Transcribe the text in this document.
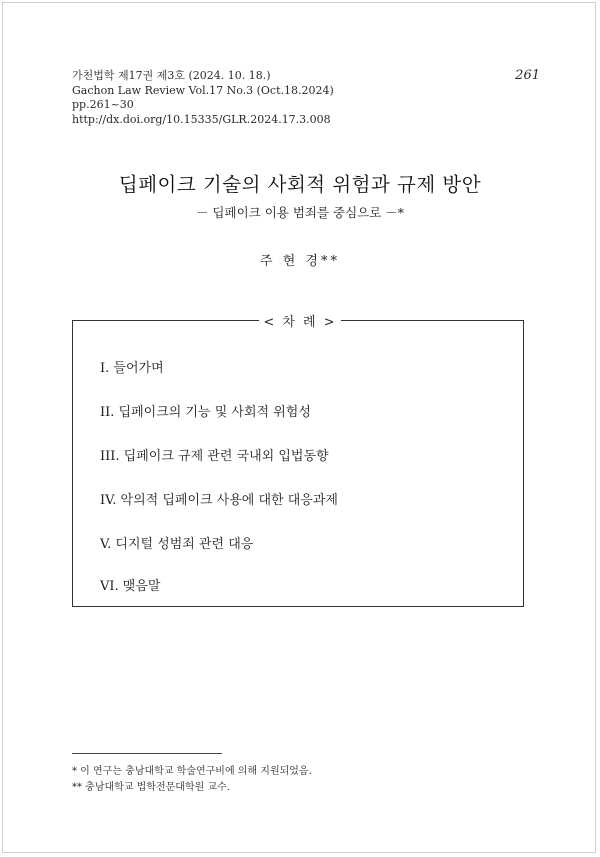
가천법학 제17권 제3호 (2024. 10. 18.)
Gachon Law Review Vol.17 No.3 (Oct.18.2024)
pp.261~30
http://dx.doi.org/10.15335/GLR.2024.17.3.008
261
딥페이크 기술의 사회적 위험과 규제 방안
－ 딥페이크 이용 범죄를 중심으로 －*
주 현 경**
< 차 례 >
I. 들어가며
II. 딥페이크의 기능 및 사회적 위험성
III. 딥페이크 규제 관련 국내외 입법동향
IV. 악의적 딥페이크 사용에 대한 대응과제
V. 디지털 성범죄 관련 대응
VI. 맺음말
* 이 연구는 충남대학교 학술연구비에 의해 지원되었음.
** 충남대학교 법학전문대학원 교수.
